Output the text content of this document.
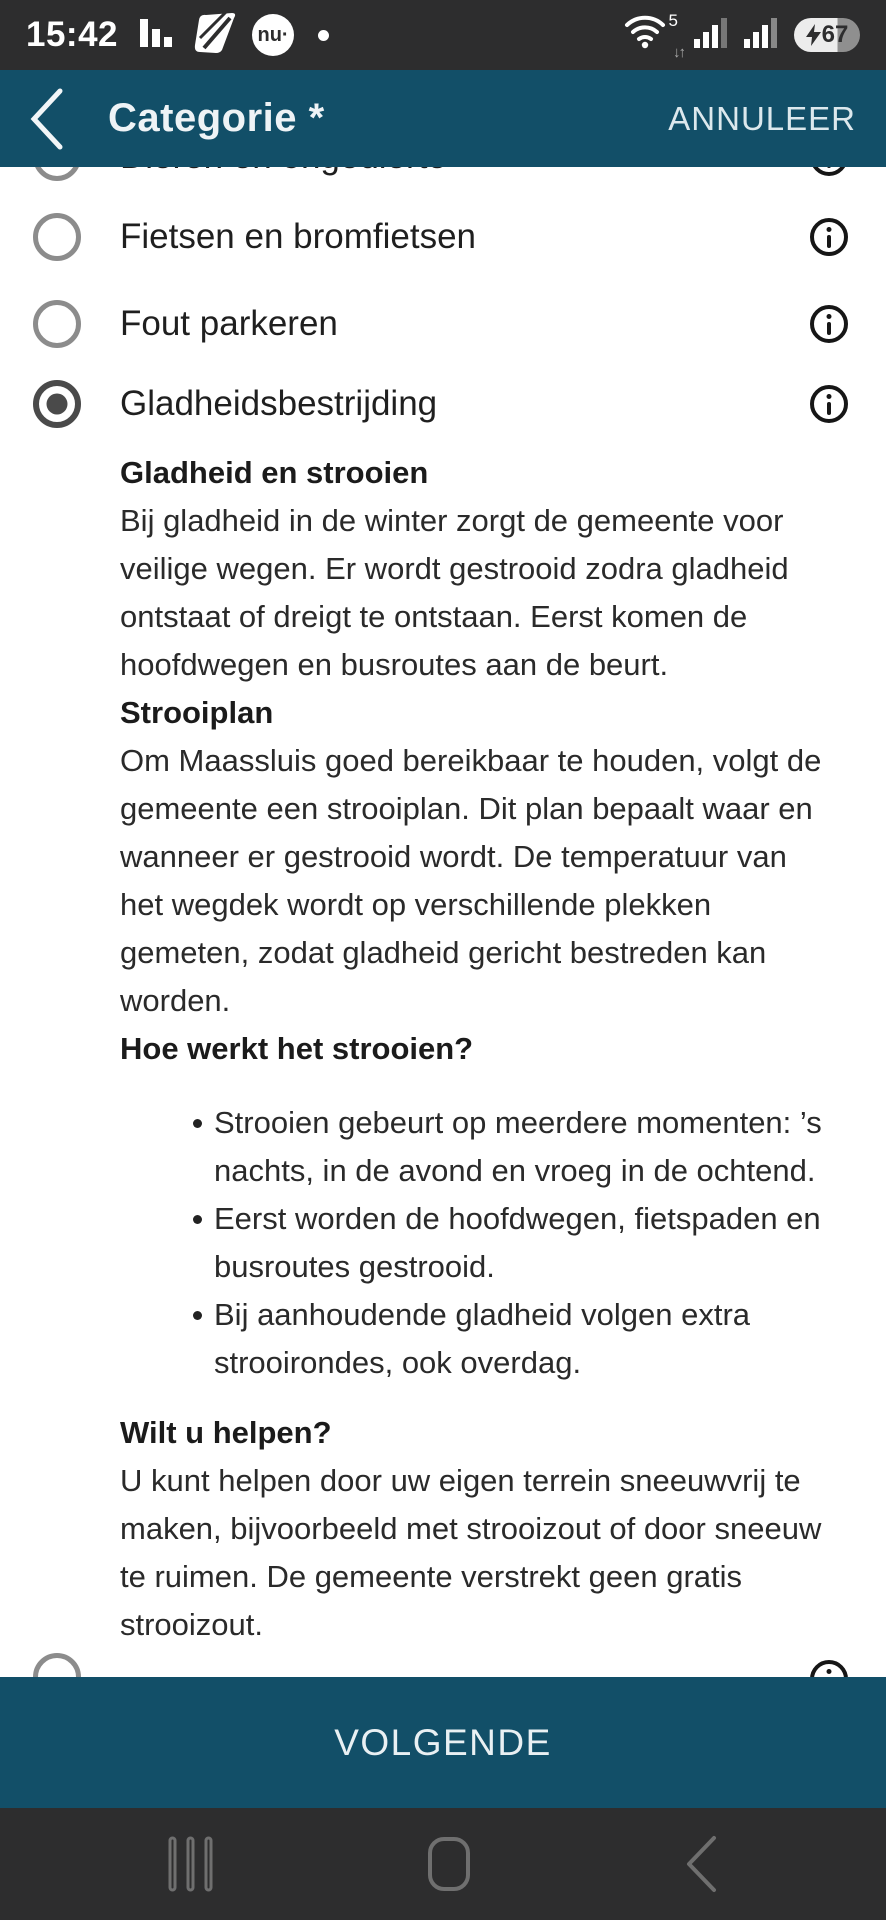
15:42	nu·
5
↓↑
67
Fietsen en bromfietsen
Fout parkeren
Gladheidsbestrijding
Gladheid en strooien
Bij gladheid in de winter zorgt de gemeente voor
veilige wegen. Er wordt gestrooid zodra gladheid
ontstaat of dreigt te ontstaan. Eerst komen de
hoofdwegen en busroutes aan de beurt.
Strooiplan
Om Maassluis goed bereikbaar te houden, volgt de
gemeente een strooiplan. Dit plan bepaalt waar en
wanneer er gestrooid wordt. De temperatuur van
het wegdek wordt op verschillende plekken
gemeten, zodat gladheid gericht bestreden kan
worden.
Hoe werkt het strooien?
Strooien gebeurt op meerdere momenten: ’s
nachts, in de avond en vroeg in de ochtend.
Eerst worden de hoofdwegen, fietspaden en
busroutes gestrooid.
Bij aanhoudende gladheid volgen extra
strooirondes, ook overdag.
Wilt u helpen?
U kunt helpen door uw eigen terrein sneeuwvrij te
maken, bijvoorbeeld met strooizout of door sneeuw
te ruimen. De gemeente verstrekt geen gratis
strooizout.
Categorie *	ANNULEER
VOLGENDE
